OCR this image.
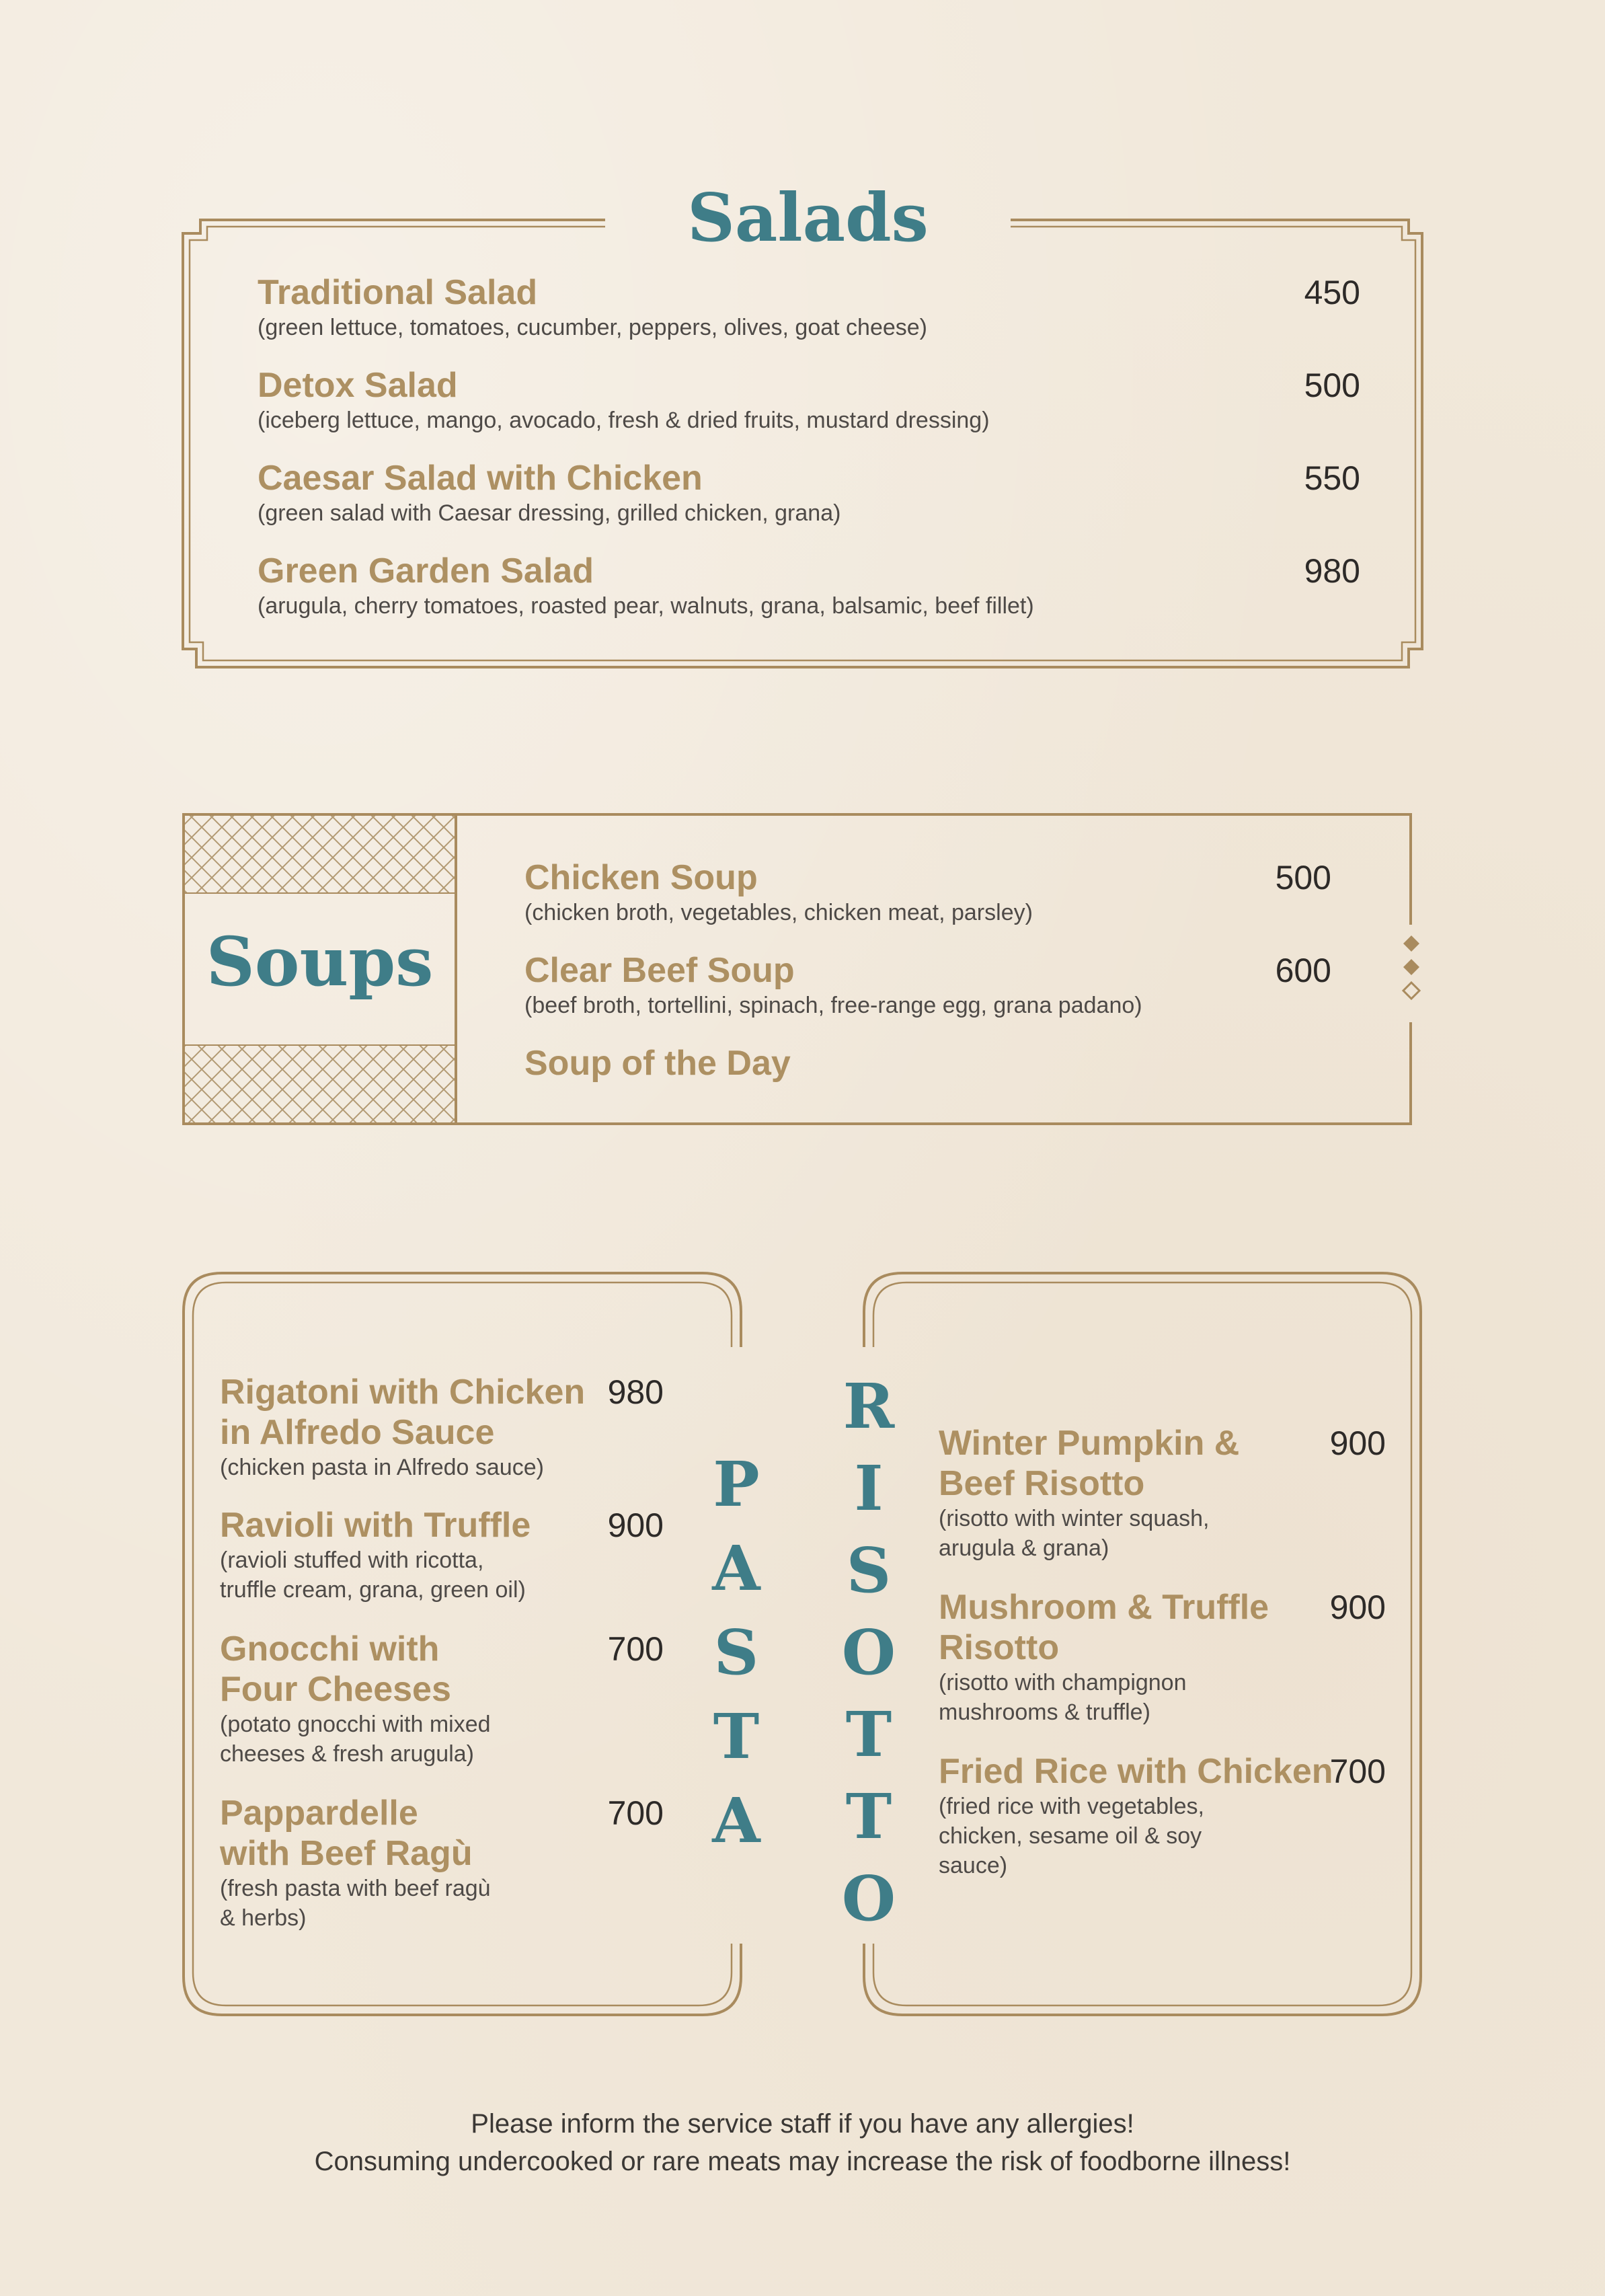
Salads
Traditional Salad
(green lettuce, tomatoes, cucumber, peppers, olives, goat cheese)
450
Detox Salad
(iceberg lettuce, mango, avocado, fresh & dried fruits, mustard dressing)
500
Caesar Salad with Chicken
(green salad with Caesar dressing, grilled chicken, grana)
550
Green Garden Salad
(arugula, cherry tomatoes, roasted pear, walnuts, grana, balsamic, beef fillet)
980
Soups
Chicken Soup
(chicken broth, vegetables, chicken meat, parsley)
500
Clear Beef Soup
(beef broth, tortellini, spinach, free-range egg, grana padano)
600
Soup of the Day
P
A
S
T
A
Rigatoni with Chicken
in Alfredo Sauce
(chicken pasta in Alfredo sauce)
980
Ravioli with Truffle
(ravioli stuffed with ricotta,
truffle cream, grana, green oil)
900
Gnocchi with
Four Cheeses
(potato gnocchi with mixed
cheeses & fresh arugula)
700
Pappardelle
with Beef Ragù
(fresh pasta with beef ragù
& herbs)
700
R
I
S
O
T
T
O
Winter Pumpkin &
Beef Risotto
(risotto with winter squash,
arugula & grana)
900
Mushroom & Truffle
Risotto
(risotto with champignon
mushrooms & truffle)
900
Fried Rice with Chicken
(fried rice with vegetables,
chicken, sesame oil & soy
sauce)
700
Please inform the service staff if you have any allergies!
Consuming undercooked or rare meats may increase the risk of foodborne illness!
